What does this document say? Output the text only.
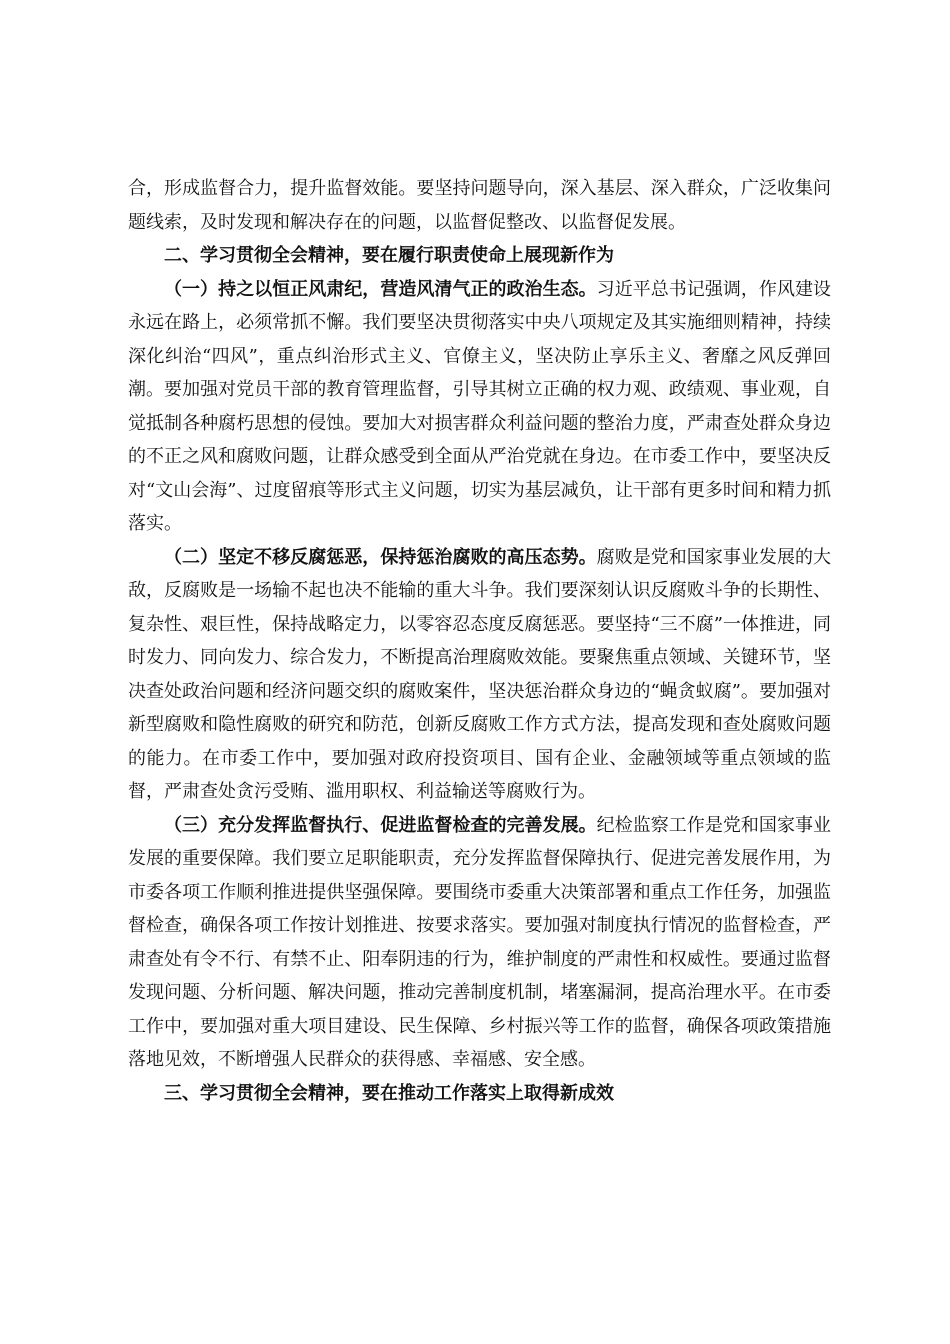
合，形成监督合力，提升监督效能。要坚持问题导向，深入基层、深入群众，广泛收集问题线索，及时发现和解决存在的问题，以监督促整改、以监督促发展。

二、学习贯彻全会精神，要在履行职责使命上展现新作为

（一）持之以恒正风肃纪，营造风清气正的政治生态。习近平总书记强调，作风建设永远在路上，必须常抓不懈。我们要坚决贯彻落实中央八项规定及其实施细则精神，持续深化纠治“四风”，重点纠治形式主义、官僚主义，坚决防止享乐主义、奢靡之风反弹回潮。要加强对党员干部的教育管理监督，引导其树立正确的权力观、政绩观、事业观，自觉抵制各种腐朽思想的侵蚀。要加大对损害群众利益问题的整治力度，严肃查处群众身边的不正之风和腐败问题，让群众感受到全面从严治党就在身边。在市委工作中，要坚决反对“文山会海”、过度留痕等形式主义问题，切实为基层减负，让干部有更多时间和精力抓落实。

（二）坚定不移反腐惩恶，保持惩治腐败的高压态势。腐败是党和国家事业发展的大敌，反腐败是一场输不起也决不能输的重大斗争。我们要深刻认识反腐败斗争的长期性、复杂性、艰巨性，保持战略定力，以零容忍态度反腐惩恶。要坚持“三不腐”一体推进，同时发力、同向发力、综合发力，不断提高治理腐败效能。要聚焦重点领域、关键环节，坚决查处政治问题和经济问题交织的腐败案件，坚决惩治群众身边的“蝇贪蚁腐”。要加强对新型腐败和隐性腐败的研究和防范，创新反腐败工作方式方法，提高发现和查处腐败问题的能力。在市委工作中，要加强对政府投资项目、国有企业、金融领域等重点领域的监督，严肃查处贪污受贿、滥用职权、利益输送等腐败行为。

（三）充分发挥监督执行、促进监督检查的完善发展。纪检监察工作是党和国家事业发展的重要保障。我们要立足职能职责，充分发挥监督保障执行、促进完善发展作用，为市委各项工作顺利推进提供坚强保障。要围绕市委重大决策部署和重点工作任务，加强监督检查，确保各项工作按计划推进、按要求落实。要加强对制度执行情况的监督检查，严肃查处有令不行、有禁不止、阳奉阴违的行为，维护制度的严肃性和权威性。要通过监督发现问题、分析问题、解决问题，推动完善制度机制，堵塞漏洞，提高治理水平。在市委工作中，要加强对重大项目建设、民生保障、乡村振兴等工作的监督，确保各项政策措施落地见效，不断增强人民群众的获得感、幸福感、安全感。

三、学习贯彻全会精神，要在推动工作落实上取得新成效
